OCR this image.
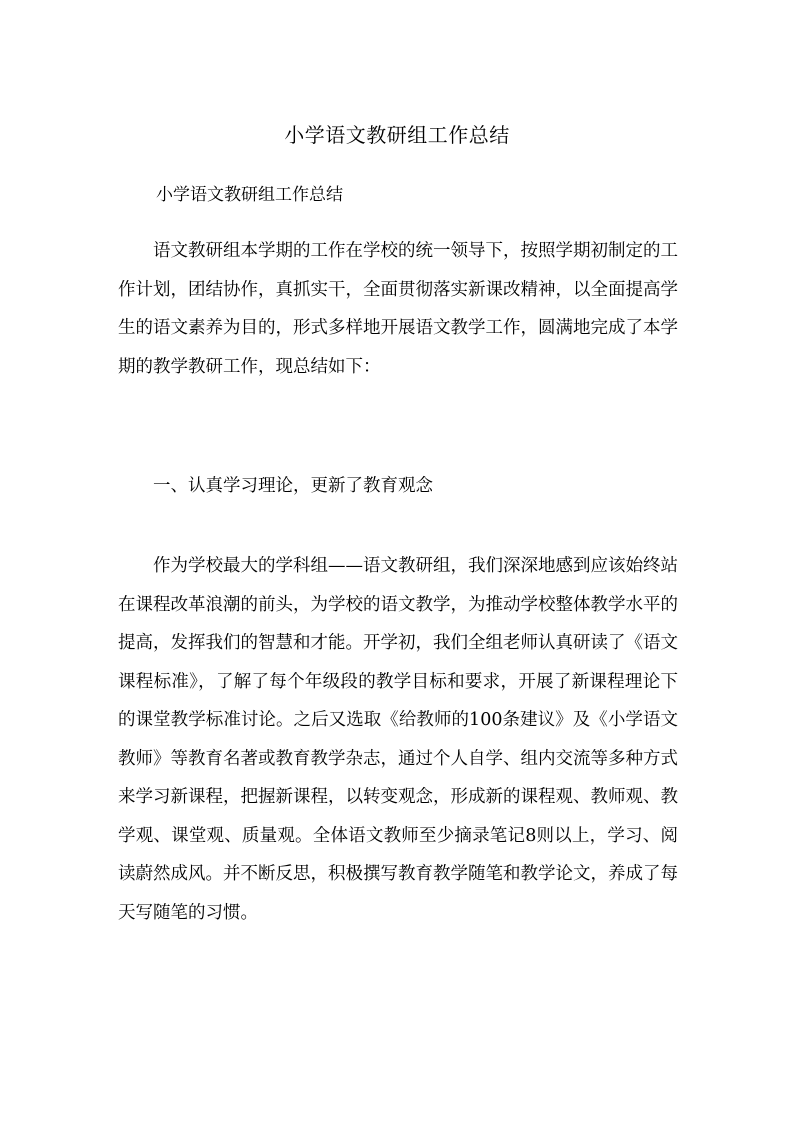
小学语文教研组工作总结
小学语文教研组工作总结

语文教研组本学期的工作在学校的统一领导下，按照学期初制定的工作计划，团结协作，真抓实干，全面贯彻落实新课改精神，以全面提高学生的语文素养为目的，形式多样地开展语文教学工作，圆满地完成了本学期的教学教研工作，现总结如下：

一、认真学习理论，更新了教育观念

作为学校最大的学科组——语文教研组，我们深深地感到应该始终站在课程改革浪潮的前头，为学校的语文教学，为推动学校整体教学水平的提高，发挥我们的智慧和才能。开学初，我们全组老师认真研读了《语文课程标准》，了解了每个年级段的教学目标和要求，开展了新课程理论下的课堂教学标准讨论。之后又选取《给教师的100条建议》及《小学语文教师》等教育名著或教育教学杂志，通过个人自学、组内交流等多种方式来学习新课程，把握新课程，以转变观念，形成新的课程观、教师观、教学观、课堂观、质量观。全体语文教师至少摘录笔记8则以上，学习、阅读蔚然成风。并不断反思，积极撰写教育教学随笔和教学论文，养成了每天写随笔的习惯。
